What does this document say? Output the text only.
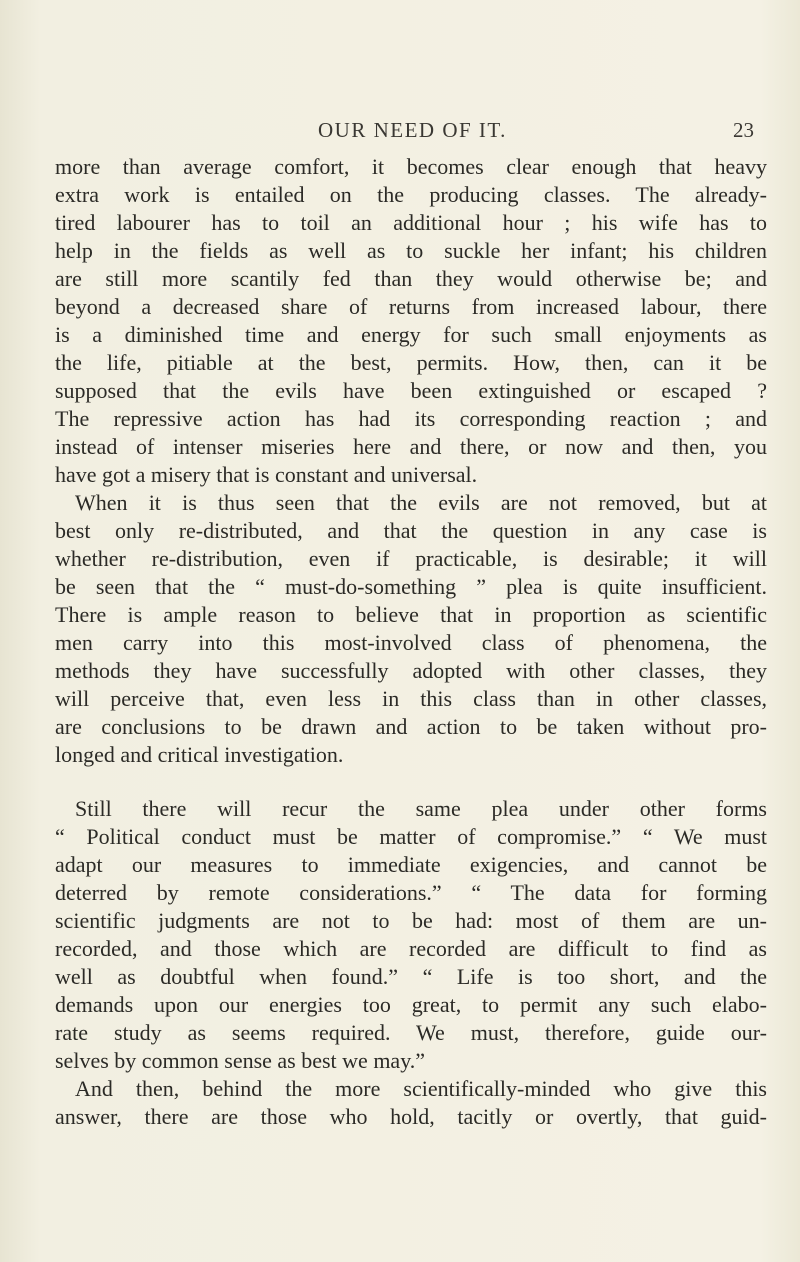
OUR NEED OF IT.	23
more than average comfort, it becomes clear enough that heavy
extra work is entailed on the producing classes. The already-
tired labourer has to toil an additional hour ; his wife has to
help in the fields as well as to suckle her infant; his children
are still more scantily fed than they would otherwise be; and
beyond a decreased share of returns from increased labour, there
is a diminished time and energy for such small enjoyments as
the life, pitiable at the best, permits. How, then, can it be
supposed that the evils have been extinguished or escaped ?
The repressive action has had its corresponding reaction ; and
instead of intenser miseries here and there, or now and then, you
have got a misery that is constant and universal.
When it is thus seen that the evils are not removed, but at
best only re-distributed, and that the question in any case is
whether re-distribution, even if practicable, is desirable; it will
be seen that the “ must-do-something ” plea is quite insufficient.
There is ample reason to believe that in proportion as scientific
men carry into this most-involved class of phenomena, the
methods they have successfully adopted with other classes, they
will perceive that, even less in this class than in other classes,
are conclusions to be drawn and action to be taken without pro-
longed and critical investigation.
Still there will recur the same plea under other forms
“ Political conduct must be matter of compromise.” “ We must
adapt our measures to immediate exigencies, and cannot be
deterred by remote considerations.” “ The data for forming
scientific judgments are not to be had: most of them are un-
recorded, and those which are recorded are difficult to find as
well as doubtful when found.” “ Life is too short, and the
demands upon our energies too great, to permit any such elabo-
rate study as seems required. We must, therefore, guide our-
selves by common sense as best we may.”
And then, behind the more scientifically-minded who give this
answer, there are those who hold, tacitly or overtly, that guid-
